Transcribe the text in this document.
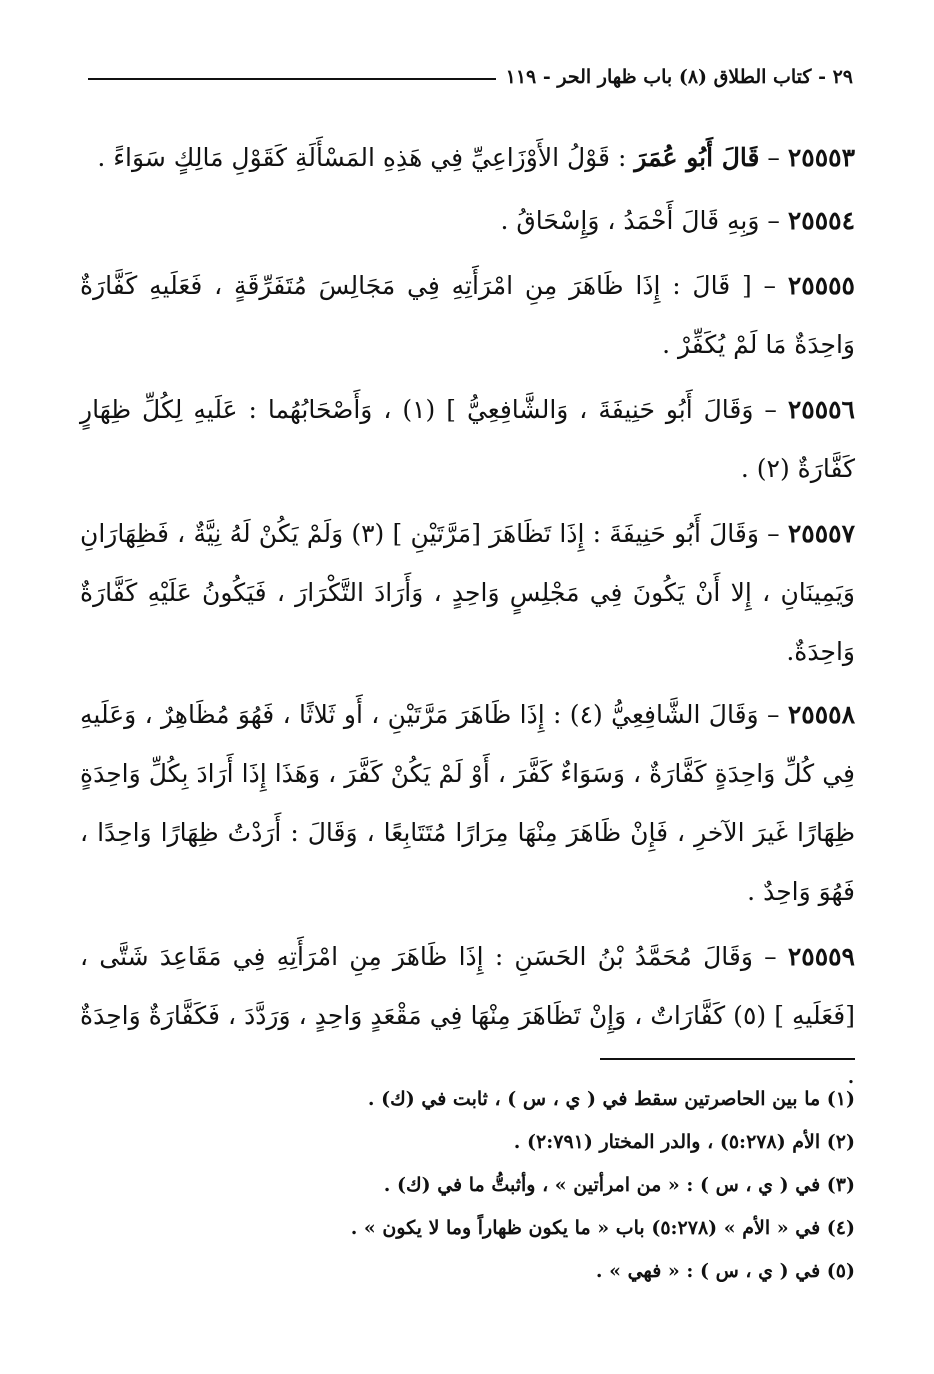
٢٩ - كتاب الطلاق (٨) باب ظهار الحر - ١١٩

٢٥٥٥٣ – قَالَ أَبُو عُمَرَ : قَوْلُ الأَوْزَاعِيِّ فِي هَذِهِ المَسْأَلَةِ كَقَوْلِ مَالِكٍ سَوَاءً .

٢٥٥٥٤ – وَبِهِ قَالَ أَحْمَدُ ، وَإِسْحَاقُ .

٢٥٥٥٥ – [ قَالَ : إِذَا ظَاهَرَ مِنِ امْرَأَتِهِ فِي مَجَالِسَ مُتَفَرِّقَةٍ ، فَعَلَيهِ كَفَّارَةٌ وَاحِدَةٌ مَا لَمْ يُكَفِّرْ .

٢٥٥٥٦ – وَقَالَ أَبُو حَنِيفَةَ ، وَالشَّافِعِيُّ ] (١) ، وَأَصْحَابُهُما : عَلَيهِ لِكُلِّ ظِهَارٍ كَفَّارَةٌ (٢) .

٢٥٥٥٧ – وَقَالَ أَبُو حَنِيفَةَ : إِذَا تَظَاهَرَ [مَرَّتَيْنِ ] (٣) وَلَمْ يَكُنْ لَهُ نِيَّةٌ ، فَظِهَارَانِ وَيَمِينَانِ ، إِلا أَنْ يَكُونَ فِي مَجْلِسٍ وَاحِدٍ ، وَأَرَادَ التَّكْرَارَ ، فَيَكُونُ عَلَيْهِ كَفَّارَةٌ وَاحِدَةٌ.

٢٥٥٥٨ – وَقَالَ الشَّافِعِيُّ (٤) : إِذَا ظَاهَرَ مَرَّتَيْنِ ، أَو ثَلاثًا ، فَهُوَ مُظَاهِرٌ ، وَعَلَيهِ فِي كُلِّ وَاحِدَةٍ كَفَّارَةٌ ، وَسَوَاءٌ كَفَّرَ ، أَوْ لَمْ يَكُنْ كَفَّرَ ، وَهَذَا إِذَا أَرَادَ بِكُلِّ وَاحِدَةٍ ظِهَارًا غَيرَ الآخرِ ، فَإِنْ ظَاهَرَ مِنْهَا مِرَارًا مُتَتَابِعًا ، وَقَالَ : أَرَدْتُ ظِهَارًا وَاحِدًا ، فَهُوَ وَاحِدٌ .

٢٥٥٥٩ – وَقَالَ مُحَمَّدُ بْنُ الحَسَنِ : إِذَا ظَاهَرَ مِنِ امْرَأَتِهِ فِي مَقَاعِدَ شَتَّى ، [فَعَلَيهِ ] (٥) كَفَّارَاتٌ ، وَإِنْ تَظَاهَرَ مِنْهَا فِي مَقْعَدٍ وَاحِدٍ ، وَرَدَّدَ ، فَكَفَّارَةٌ وَاحِدَةٌ .

(١) ما بين الحاصرتين سقط في ( ي ، س ) ، ثابت في (ك) .
(٢) الأم (٥:٢٧٨) ، والدر المختار (٢:٧٩١) .
(٣) في ( ي ، س ) : « من امرأتين » ، وأثبتُّ ما في (ك) .
(٤) في « الأم » (٥:٢٧٨) باب « ما يكون ظهاراً وما لا يكون » .
(٥) في ( ي ، س ) : « فهي » .
